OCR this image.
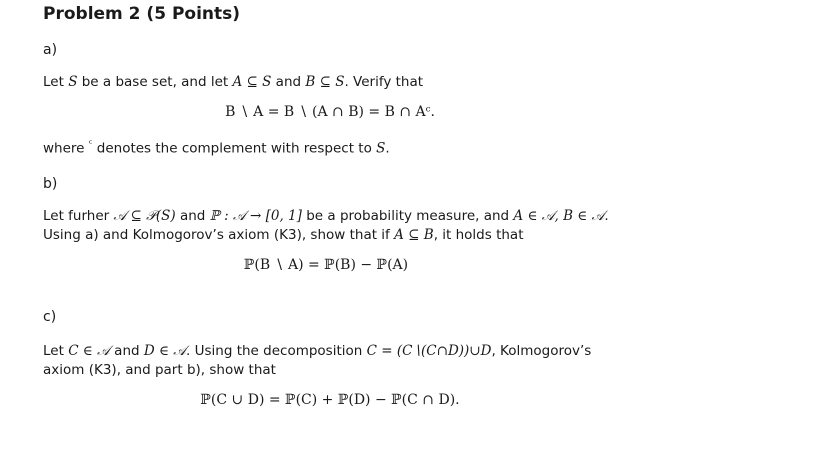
Problem 2 (5 Points)
a)
Let S be a base set, and let A ⊆ S and B ⊆ S. Verify that
B ∖ A = B ∖ (A ∩ B) = B ∩ Aᶜ.
where $^ᶜ$ denotes the complement with respect to S.
b)
Let furher 𝒜 ⊆ 𝒫(S) and ℙ : 𝒜 → [0, 1] be a probability measure, and A ∈ 𝒜, B ∈ 𝒜.
Using a) and Kolmogorov’s axiom (K3), show that if A ⊆ B, it holds that
ℙ(B ∖ A) = ℙ(B) − ℙ(A)
c)
Let C ∈ 𝒜 and D ∈ 𝒜. Using the decomposition C = (C∖(C∩D))∪D, Kolmogorov’s
axiom (K3), and part b), show that
ℙ(C ∪ D) = ℙ(C) + ℙ(D) − ℙ(C ∩ D).
